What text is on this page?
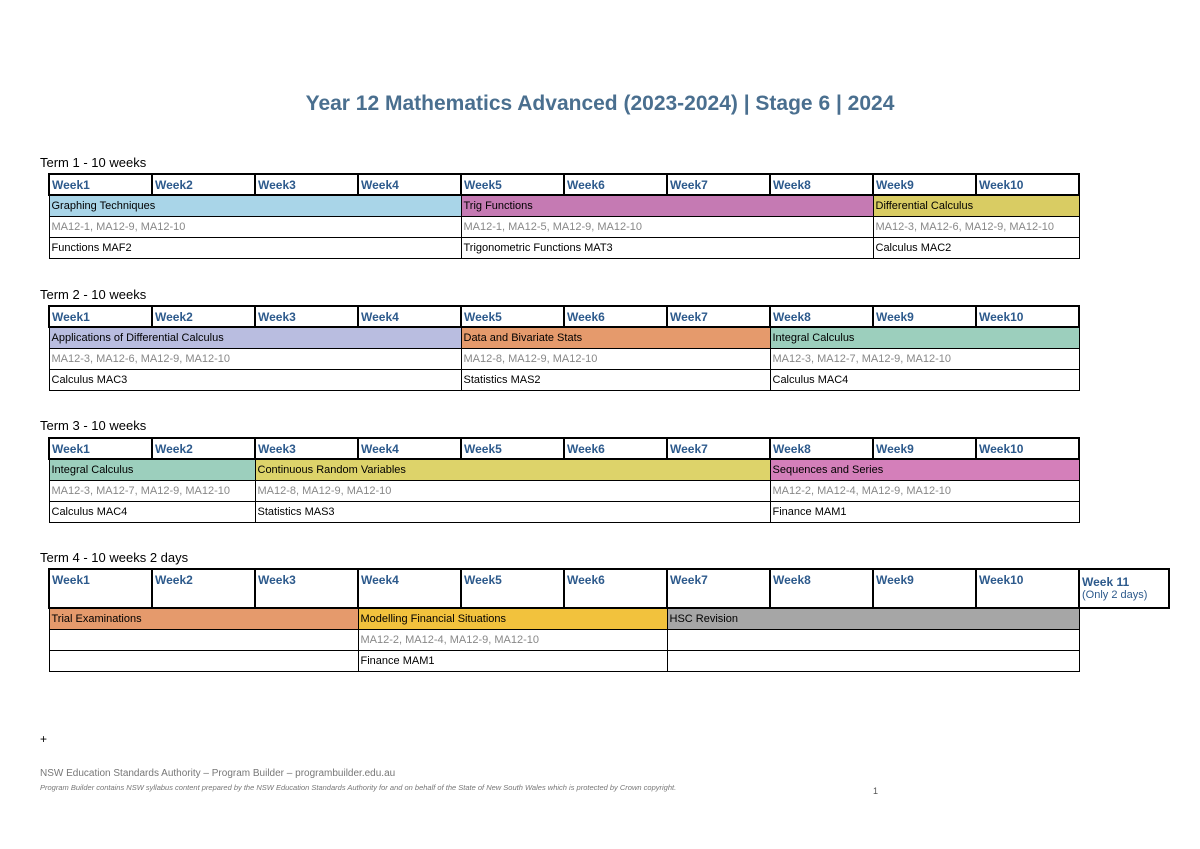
Year 12 Mathematics Advanced (2023-2024) | Stage 6 | 2024
Term 1 - 10 weeks
Week1	Week2	Week3	Week4	Week5	Week6	Week7	Week8	Week9	Week10
Graphing Techniques				Trig Functions				Differential Calculus	
MA12-1, MA12-9, MA12-10				MA12-1, MA12-5, MA12-9, MA12-10				MA12-3, MA12-6, MA12-9, MA12-10	
Functions MAF2				Trigonometric Functions MAT3				Calculus MAC2	
Term 2 - 10 weeks
Week1	Week2	Week3	Week4	Week5	Week6	Week7	Week8	Week9	Week10
Applications of Differential Calculus				Data and Bivariate Stats			Integral Calculus		
MA12-3, MA12-6, MA12-9, MA12-10				MA12-8, MA12-9, MA12-10			MA12-3, MA12-7, MA12-9, MA12-10		
Calculus MAC3				Statistics MAS2			Calculus MAC4		
Term 3 - 10 weeks
Week1	Week2	Week3	Week4	Week5	Week6	Week7	Week8	Week9	Week10
Integral Calculus		Continuous Random Variables					Sequences and Series		
MA12-3, MA12-7, MA12-9, MA12-10		MA12-8, MA12-9, MA12-10					MA12-2, MA12-4, MA12-9, MA12-10		
Calculus MAC4		Statistics MAS3					Finance MAM1		
Term 4 - 10 weeks 2 days
Week1	Week2	Week3	Week4	Week5	Week6	Week7	Week8	Week9	Week10	Week 11
(Only 2 days)

Trial Examinations			Modelling Financial Situations			HSC Revision				
			MA12-2, MA12-4, MA12-9, MA12-10							
			Finance MAM1							
+
NSW Education Standards Authority – Program Builder – programbuilder.edu.au
Program Builder contains NSW syllabus content prepared by the NSW Education Standards Authority for and on behalf of the State of New South Wales which is protected by Crown copyright.	1
